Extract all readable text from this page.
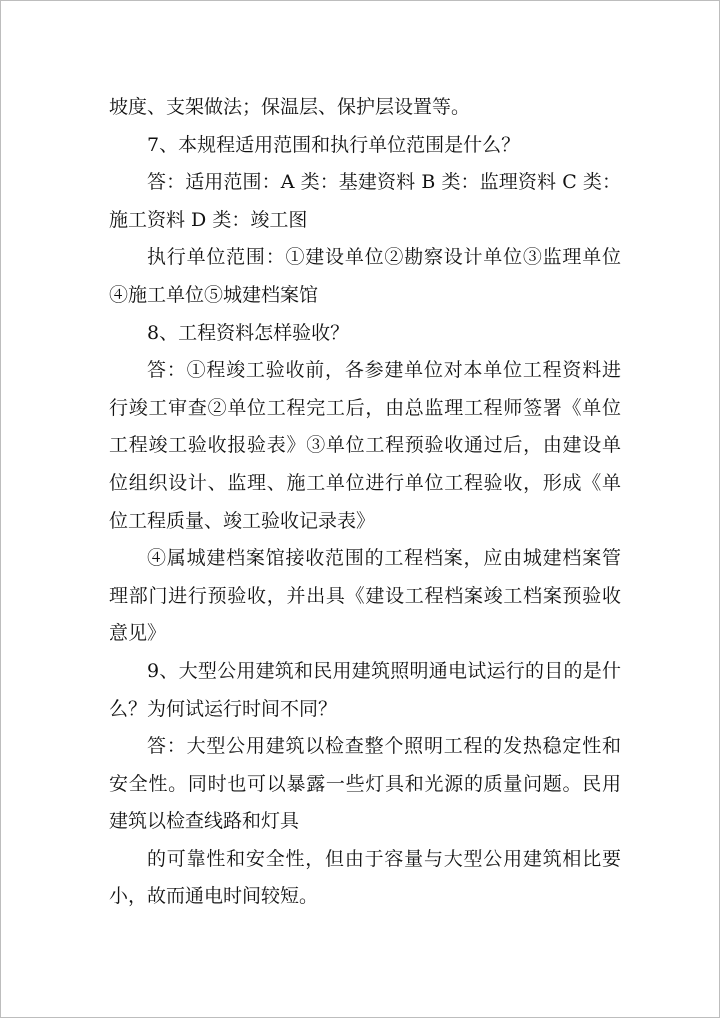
坡度、支架做法；保温层、保护层设置等。

7、本规程适用范围和执行单位范围是什么？

答：适用范围：A 类：基建资料 B 类：监理资料 C 类：施工资料 D 类：竣工图

执行单位范围：①建设单位②勘察设计单位③监理单位④施工单位⑤城建档案馆

8、工程资料怎样验收？

答：①程竣工验收前，各参建单位对本单位工程资料进行竣工审查②单位工程完工后，由总监理工程师签署《单位工程竣工验收报验表》③单位工程预验收通过后，由建设单位组织设计、监理、施工单位进行单位工程验收，形成《单位工程质量、竣工验收记录表》

④属城建档案馆接收范围的工程档案，应由城建档案管理部门进行预验收，并出具《建设工程档案竣工档案预验收意见》

9、大型公用建筑和民用建筑照明通电试运行的目的是什么？为何试运行时间不同？

答：大型公用建筑以检查整个照明工程的发热稳定性和安全性。同时也可以暴露一些灯具和光源的质量问题。民用建筑以检查线路和灯具

的可靠性和安全性，但由于容量与大型公用建筑相比要小，故而通电时间较短。
